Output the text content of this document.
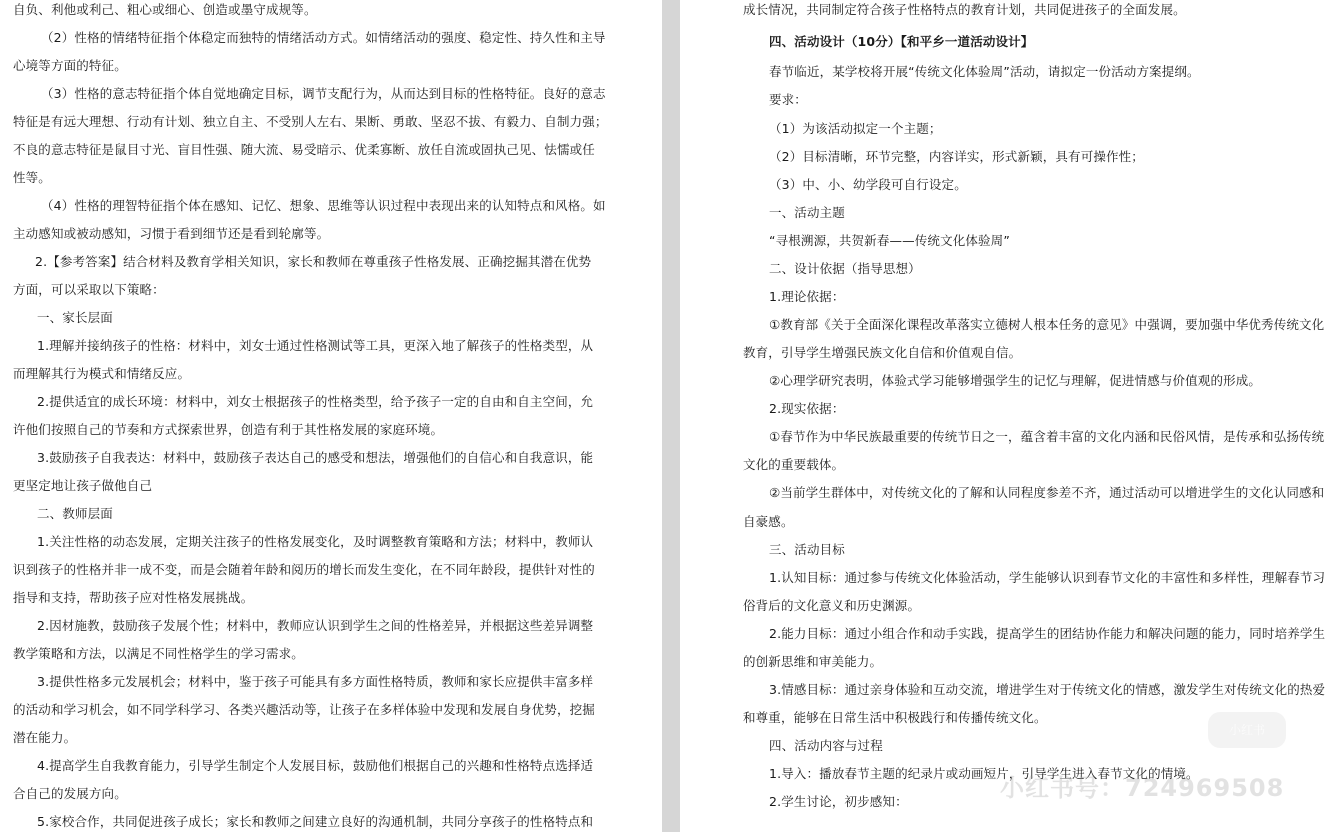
自负、利他或利己、粗心或细心、创造或墨守成规等。

（2）性格的情绪特征指个体稳定而独特的情绪活动方式。如情绪活动的强度、稳定性、持久性和主导

心境等方面的特征。

（3）性格的意志特征指个体自觉地确定目标，调节支配行为，从而达到目标的性格特征。良好的意志

特征是有远大理想、行动有计划、独立自主、不受别人左右、果断、勇敢、坚忍不拔、有毅力、自制力强；

不良的意志特征是鼠目寸光、盲目性强、随大流、易受暗示、优柔寡断、放任自流或固执己见、怯懦或任

性等。

（4）性格的理智特征指个体在感知、记忆、想象、思维等认识过程中表现出来的认知特点和风格。如

主动感知或被动感知，习惯于看到细节还是看到轮廓等。

2.【参考答案】结合材料及教育学相关知识，家长和教师在尊重孩子性格发展、正确挖掘其潜在优势

方面，可以采取以下策略：

一、家长层面

1.理解并接纳孩子的性格：材料中，刘女士通过性格测试等工具，更深入地了解孩子的性格类型，从

而理解其行为模式和情绪反应。

2.提供适宜的成长环境：材料中，刘女士根据孩子的性格类型，给予孩子一定的自由和自主空间，允

许他们按照自己的节奏和方式探索世界，创造有利于其性格发展的家庭环境。

3.鼓励孩子自我表达：材料中，鼓励孩子表达自己的感受和想法，增强他们的自信心和自我意识，能

更坚定地让孩子做他自己

二、教师层面

1.关注性格的动态发展，定期关注孩子的性格发展变化，及时调整教育策略和方法；材料中，教师认

识到孩子的性格并非一成不变，而是会随着年龄和阅历的增长而发生变化，在不同年龄段，提供针对性的

指导和支持，帮助孩子应对性格发展挑战。

2.因材施教，鼓励孩子发展个性；材料中，教师应认识到学生之间的性格差异，并根据这些差异调整

教学策略和方法，以满足不同性格学生的学习需求。

3.提供性格多元发展机会；材料中，鉴于孩子可能具有多方面性格特质，教师和家长应提供丰富多样

的活动和学习机会，如不同学科学习、各类兴趣活动等，让孩子在多样体验中发现和发展自身优势，挖掘

潜在能力。

4.提高学生自我教育能力，引导学生制定个人发展目标，鼓励他们根据自己的兴趣和性格特点选择适

合自己的发展方向。

5.家校合作，共同促进孩子成长；家长和教师之间建立良好的沟通机制，共同分享孩子的性格特点和

成长情况，共同制定符合孩子性格特点的教育计划，共同促进孩子的全面发展。

四、活动设计（10分）【和平乡一道活动设计】

春节临近，某学校将开展“传统文化体验周”活动，请拟定一份活动方案提纲。

要求：

（1）为该活动拟定一个主题；

（2）目标清晰，环节完整，内容详实，形式新颖，具有可操作性；

（3）中、小、幼学段可自行设定。

一、活动主题

“寻根溯源，共贺新春——传统文化体验周”

二、设计依据（指导思想）

1.理论依据：

①教育部《关于全面深化课程改革落实立德树人根本任务的意见》中强调，要加强中华优秀传统文化

教育，引导学生增强民族文化自信和价值观自信。

②心理学研究表明，体验式学习能够增强学生的记忆与理解，促进情感与价值观的形成。

2.现实依据：

①春节作为中华民族最重要的传统节日之一，蕴含着丰富的文化内涵和民俗风情，是传承和弘扬传统

文化的重要载体。

②当前学生群体中，对传统文化的了解和认同程度参差不齐，通过活动可以增进学生的文化认同感和

自豪感。

三、活动目标

1.认知目标：通过参与传统文化体验活动，学生能够认识到春节文化的丰富性和多样性，理解春节习

俗背后的文化意义和历史渊源。

2.能力目标：通过小组合作和动手实践，提高学生的团结协作能力和解决问题的能力，同时培养学生

的创新思维和审美能力。

3.情感目标：通过亲身体验和互动交流，增进学生对于传统文化的情感，激发学生对传统文化的热爱

和尊重，能够在日常生活中积极践行和传播传统文化。

四、活动内容与过程

1.导入：播放春节主题的纪录片或动画短片，引导学生进入春节文化的情境。

2.学生讨论，初步感知：

小红书
小红书号：724969508
